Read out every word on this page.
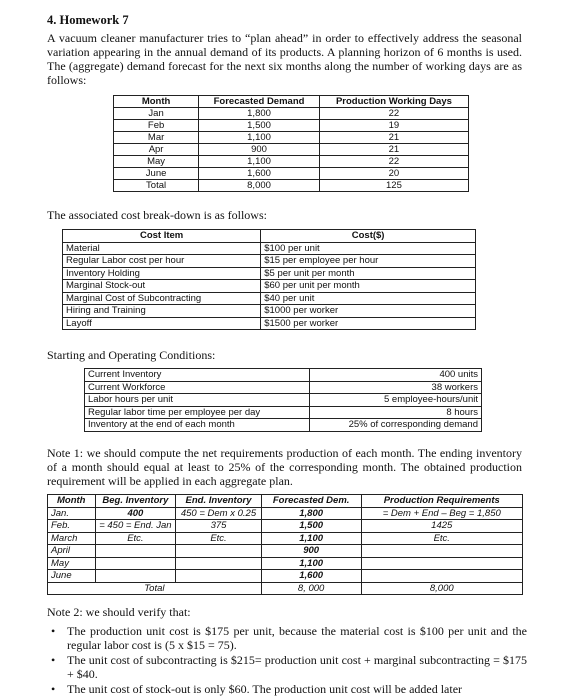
4. Homework 7
A vacuum cleaner manufacturer tries to “plan ahead” in order to effectively address the seasonal variation appearing in the annual demand of its products. A planning horizon of 6 months is used. The (aggregate) demand forecast for the next six months along the number of working days are as follows:
Month	Forecasted Demand	Production Working Days
Jan	1,800	22
Feb	1,500	19
Mar	1,100	21
Apr	900	21
May	1,100	22
June	1,600	20
Total	8,000	125
The associated cost break-down is as follows:
Cost Item	Cost($)
Material	$100 per unit
Regular Labor cost per hour	$15 per employee per hour
Inventory Holding	$5 per unit per month
Marginal Stock-out	$60 per unit per month
Marginal Cost of Subcontracting	$40 per unit
Hiring and Training	$1000 per worker
Layoff	$1500 per worker
Starting and Operating Conditions:
Current Inventory	400 units
Current Workforce	38 workers
Labor hours per unit	5 employee-hours/unit
Regular labor time per employee per day	8 hours
Inventory at the end of each month	25% of corresponding demand
Note 1: we should compute the net requirements production of each month. The ending inventory of a month should equal at least to 25% of the corresponding month. The obtained production requirement will be applied in each aggregate plan.
Month	Beg. Inventory	End. Inventory	Forecasted Dem.	Production Requirements
Jan.	400	450 = Dem x 0.25	1,800	= Dem + End – Beg = 1,850
Feb.	= 450 = End. Jan	375	1,500	1425
March	Etc.	Etc.	1,100	Etc.
April			900	
May			1,100	
June			1,600	
Total			8, 000	8,000
Note 2: we should verify that:
• The production unit cost is $175 per unit, because the material cost is $100 per unit and the regular labor cost is (5 x $15 = 75).
• The unit cost of subcontracting is $215= production unit cost + marginal subcontracting = $175 + $40.
• The unit cost of stock-out is only $60. The production unit cost will be added later
